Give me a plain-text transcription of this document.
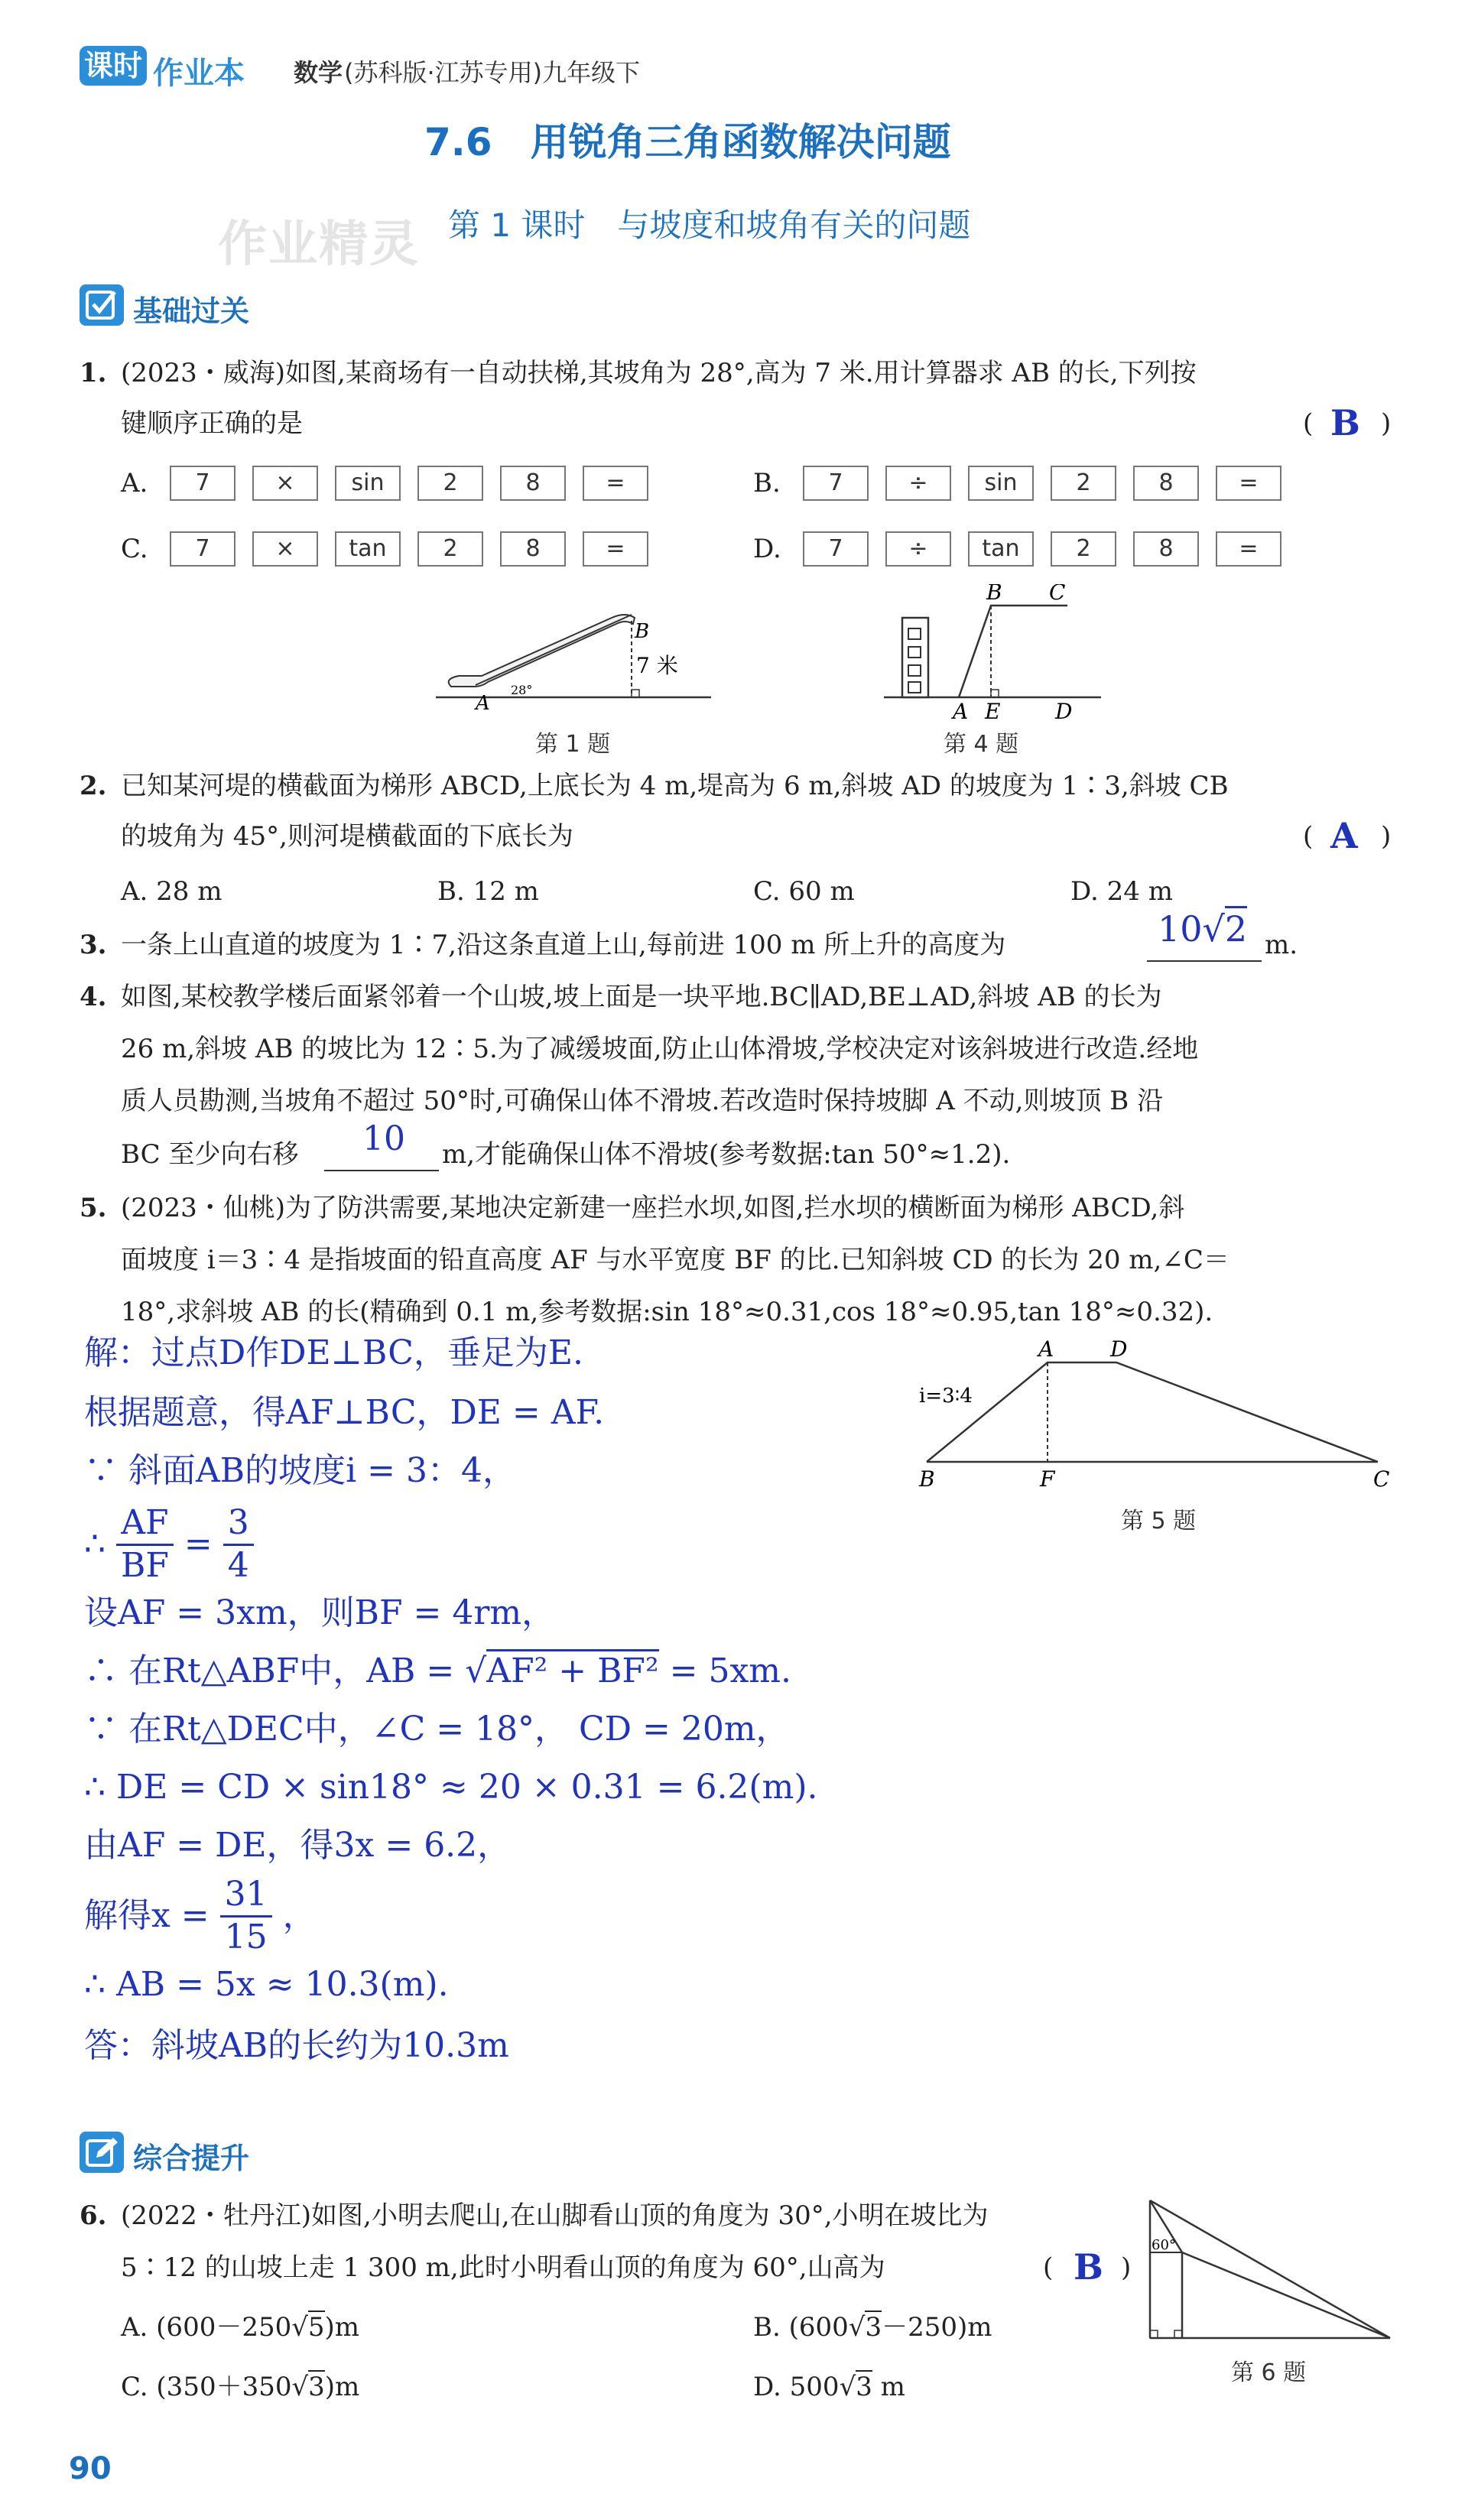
课时 作业本 数学 (苏科版·江苏专用)九年级下
7.6　用锐角三角函数解决问题
作业精灵 第 1 课时　与坡度和坡角有关的问题
基础过关
1. (2023・威海)如图,某商场有一自动扶梯,其坡角为 28°,高为 7 米.用计算器求 AB 的长,下列按
键顺序正确的是	( B )
A.	7	×	sin	2	8	=	B.	7	÷	sin	2	8	=
C.	7	×	tan	2	8	=	D.	7	÷	tan	2	8	=
A
B
7 米
28°
第 1 题
B C
A E	D
第 4 题
2. 已知某河堤的横截面为梯形 ABCD,上底长为 4 m,堤高为 6 m,斜坡 AD 的坡度为 1∶3,斜坡 CB
的坡角为 45°,则河堤横截面的下底长为	( A )
A. 28 m	B. 12 m	C. 60 m	D. 24 m
3. 一条上山直道的坡度为 1∶7,沿这条直道上山,每前进 100 m 所上升的高度为	10√2 m.
4. 如图,某校教学楼后面紧邻着一个山坡,坡上面是一块平地.BC∥AD,BE⊥AD,斜坡 AB 的长为
26 m,斜坡 AB 的坡比为 12∶5.为了减缓坡面,防止山体滑坡,学校决定对该斜坡进行改造.经地
质人员勘测,当坡角不超过 50°时,可确保山体不滑坡.若改造时保持坡脚 A 不动,则坡顶 B 沿
BC 至少向右移 10 m,才能确保山体不滑坡(参考数据:tan 50°≈1.2).
5. (2023・仙桃)为了防洪需要,某地决定新建一座拦水坝,如图,拦水坝的横断面为梯形 ABCD,斜
面坡度 i＝3∶4 是指坡面的铅直高度 AF 与水平宽度 BF 的比.已知斜坡 CD 的长为 20 m,∠C＝
18°,求斜坡 AB 的长(精确到 0.1 m,参考数据:sin 18°≈0.31,cos 18°≈0.95,tan 18°≈0.32).
A	D
B	F	C
i=3∶4
第 5 题
解：过点D作DE⊥BC，垂足为E.
根据题意，得AF⊥BC，DE = AF.
∵ 斜面AB的坡度i = 3：4，
∴ $\frac{AF}{BF} = \frac{3}{4}$
设AF = 3xm，则BF = 4rm，
∴ 在Rt△ABF中，AB = √AF² + BF² = 5xm.
∵ 在Rt△DEC中，∠C = 18°， CD = 20m，
∴ DE = CD × sin18° ≈ 20 × 0.31 = 6.2(m).
由AF = DE，得3x = 6.2，
解得$x = \frac{31}{15}$ ，
∴ AB = 5x ≈ 10.3(m).
答：斜坡AB的长约为10.3m
综合提升
6. (2022・牡丹江)如图,小明去爬山,在山脚看山顶的角度为 30°,小明在坡比为
5∶12 的山坡上走 1 300 m,此时小明看山顶的角度为 60°,山高为	( B )
A. (600－250√5)m	B. (600√3－250)m
C. (350＋350√3)m	D. 500√3 m
60°
第 6 题
90
